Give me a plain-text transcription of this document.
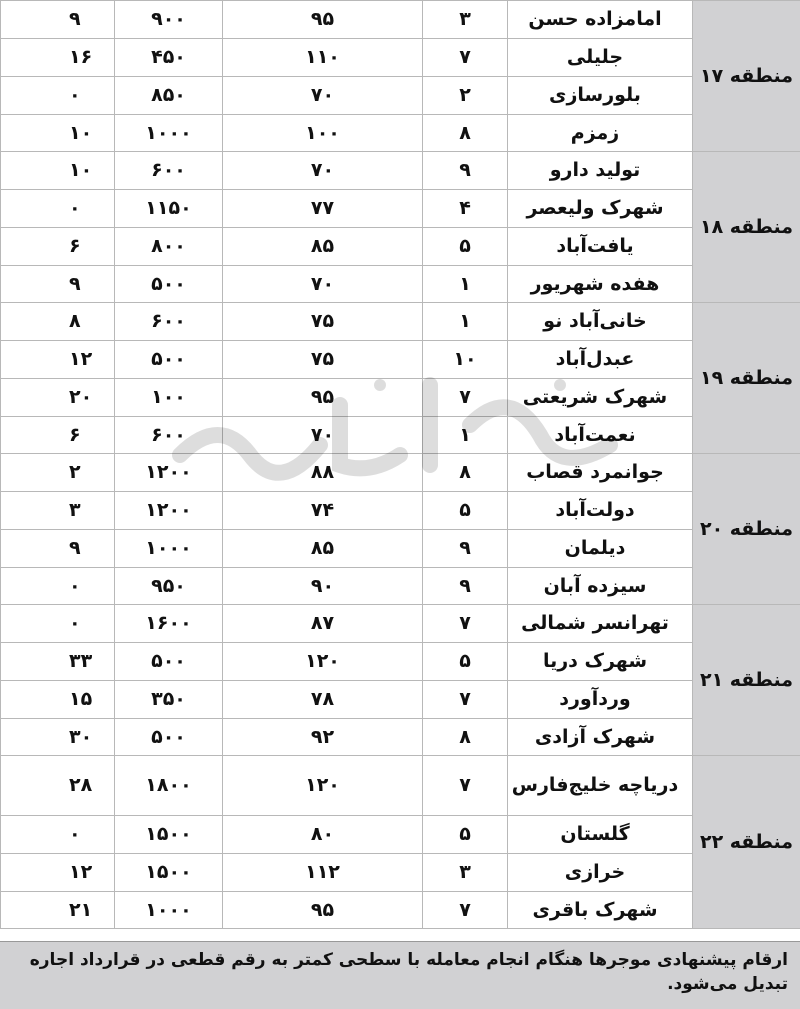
منطقه ۱۷	امامزاده حسن	۳	۹۵	۹۰۰	۹
	جلیلی	۷	۱۱۰	۴۵۰	۱۶
	بلورسازی	۲	۷۰	۸۵۰	۰
	زمزم	۸	۱۰۰	۱۰۰۰	۱۰
منطقه ۱۸	تولید دارو	۹	۷۰	۶۰۰	۱۰
	شهرک ولیعصر	۴	۷۷	۱۱۵۰	۰
	یافت‌آباد	۵	۸۵	۸۰۰	۶
	هفده شهریور	۱	۷۰	۵۰۰	۹
منطقه ۱۹	خانی‌آباد نو	۱	۷۵	۶۰۰	۸
	عبدل‌آباد	۱۰	۷۵	۵۰۰	۱۲
	شهرک شریعتی	۷	۹۵	۱۰۰	۲۰
	نعمت‌آباد	۱	۷۰	۶۰۰	۶
منطقه ۲۰	جوانمرد قصاب	۸	۸۸	۱۲۰۰	۲
	دولت‌آباد	۵	۷۴	۱۲۰۰	۳
	دیلمان	۹	۸۵	۱۰۰۰	۹
	سیزده آبان	۹	۹۰	۹۵۰	۰
منطقه ۲۱	تهرانسر شمالی	۷	۸۷	۱۶۰۰	۰
	شهرک دریا	۵	۱۲۰	۵۰۰	۳۳
	وردآورد	۷	۷۸	۳۵۰	۱۵
	شهرک آزادی	۸	۹۲	۵۰۰	۳۰
منطقه ۲۲	دریاچه خلیج‌فارس	۷	۱۲۰	۱۸۰۰	۲۸
	گلستان	۵	۸۰	۱۵۰۰	۰
	خرازی	۳	۱۱۲	۱۵۰۰	۱۲
	شهرک باقری	۷	۹۵	۱۰۰۰	۲۱
ارقام پیشنهادی موجرها هنگام انجام معامله با سطحی کمتر به رقم قطعی در قرارداد اجاره تبدیل می‌شود.
